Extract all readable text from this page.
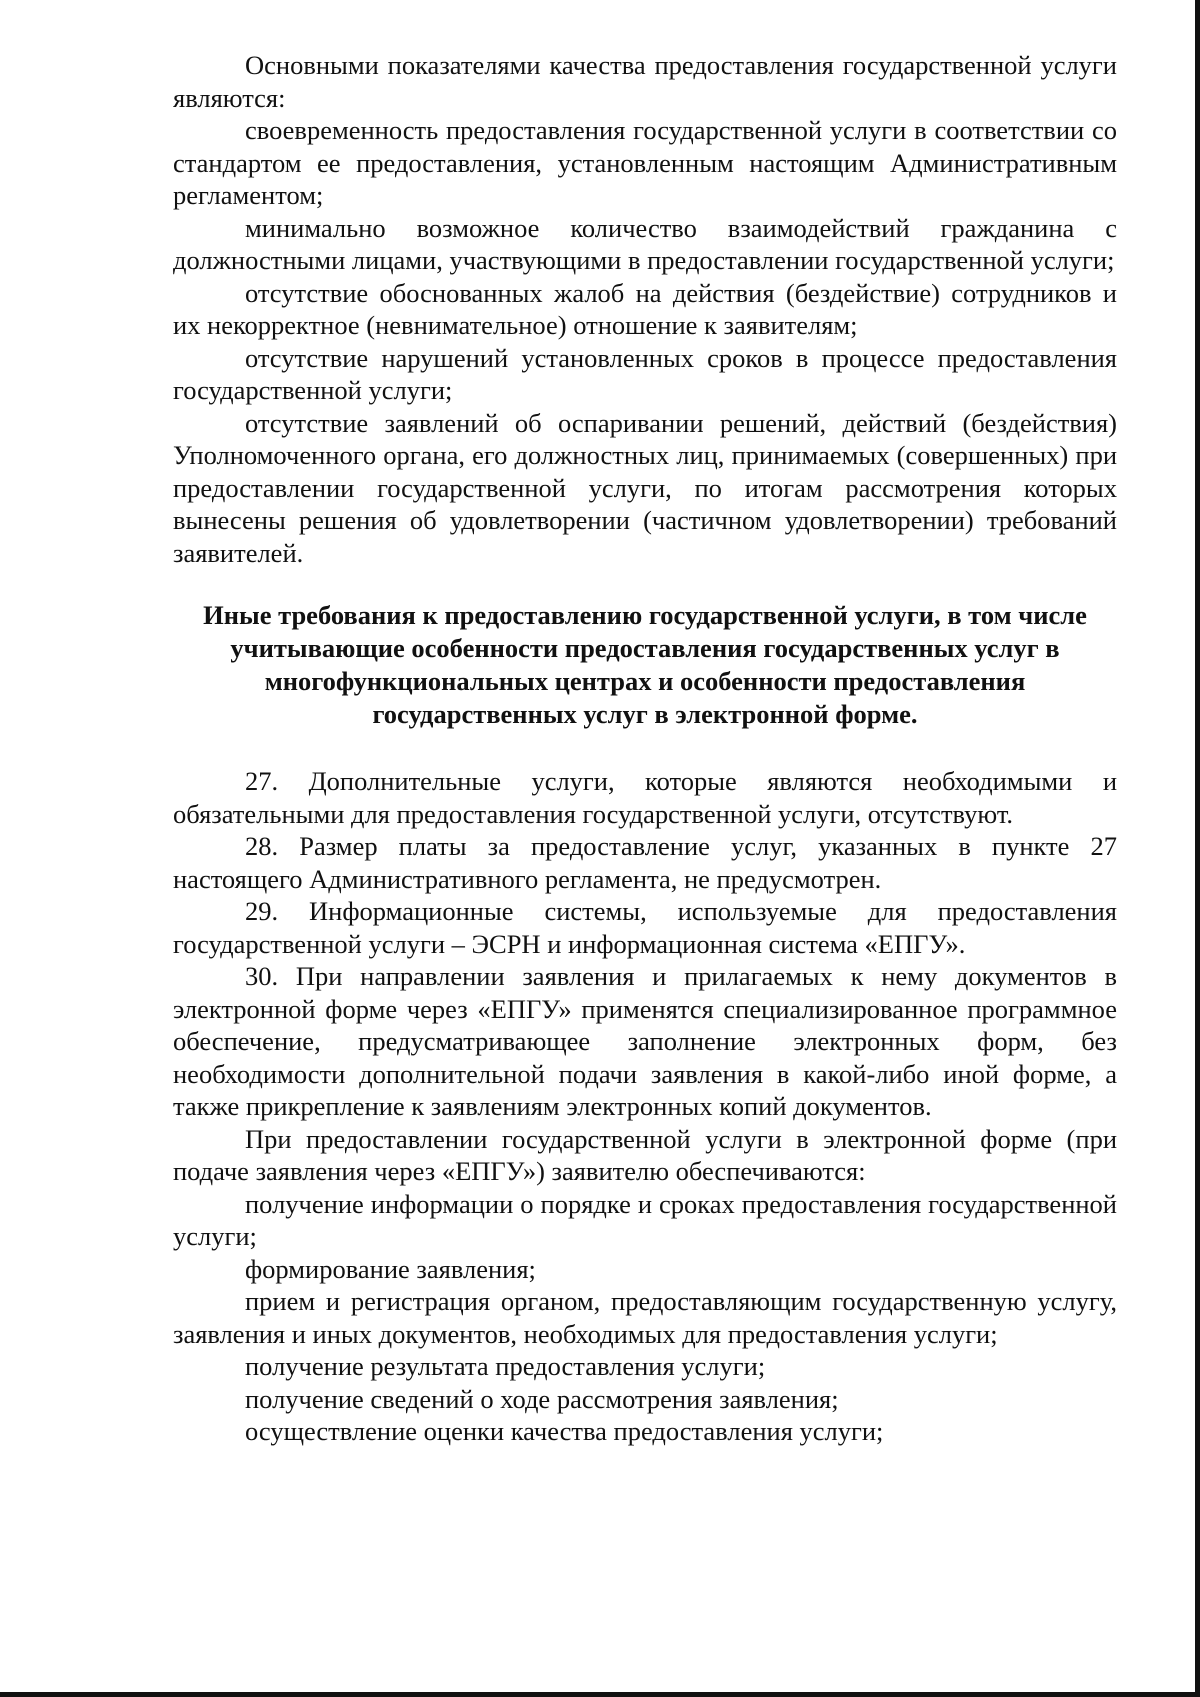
Основными показателями качества предоставления государственной услуги являются:

своевременность предоставления государственной услуги в соответствии со стандартом ее предоставления, установленным настоящим Административным регламентом;

минимально возможное количество взаимодействий гражданина с должностными лицами, участвующими в предоставлении государственной услуги;

отсутствие обоснованных жалоб на действия (бездействие) сотрудников и их некорректное (невнимательное) отношение к заявителям;

отсутствие нарушений установленных сроков в процессе предоставления государственной услуги;

отсутствие заявлений об оспаривании решений, действий (бездействия) Уполномоченного органа, его должностных лиц, принимаемых (совершенных) при предоставлении государственной услуги, по итогам рассмотрения которых вынесены решения об удовлетворении (частичном удовлетворении) требований заявителей.

Иные требования к предоставлению государственной услуги, в том числе учитывающие особенности предоставления государственных услуг в многофункциональных центрах и особенности предоставления государственных услуг в электронной форме.

27. Дополнительные услуги, которые являются необходимыми и обязательными для предоставления государственной услуги, отсутствуют.

28. Размер платы за предоставление услуг, указанных в пункте 27 настоящего Административного регламента, не предусмотрен.

29. Информационные системы, используемые для предоставления государственной услуги – ЭСРН и информационная система «ЕПГУ».

30. При направлении заявления и прилагаемых к нему документов в электронной форме через «ЕПГУ» применятся специализированное программное обеспечение, предусматривающее заполнение электронных форм, без необходимости дополнительной подачи заявления в какой-либо иной форме, а также прикрепление к заявлениям электронных копий документов.

При предоставлении государственной услуги в электронной форме (при подаче заявления через «ЕПГУ») заявителю обеспечиваются:

получение информации о порядке и сроках предоставления государственной услуги;

формирование заявления;

прием и регистрация органом, предоставляющим государственную услугу, заявления и иных документов, необходимых для предоставления услуги;

получение результата предоставления услуги;

получение сведений о ходе рассмотрения заявления;

осуществление оценки качества предоставления услуги;
